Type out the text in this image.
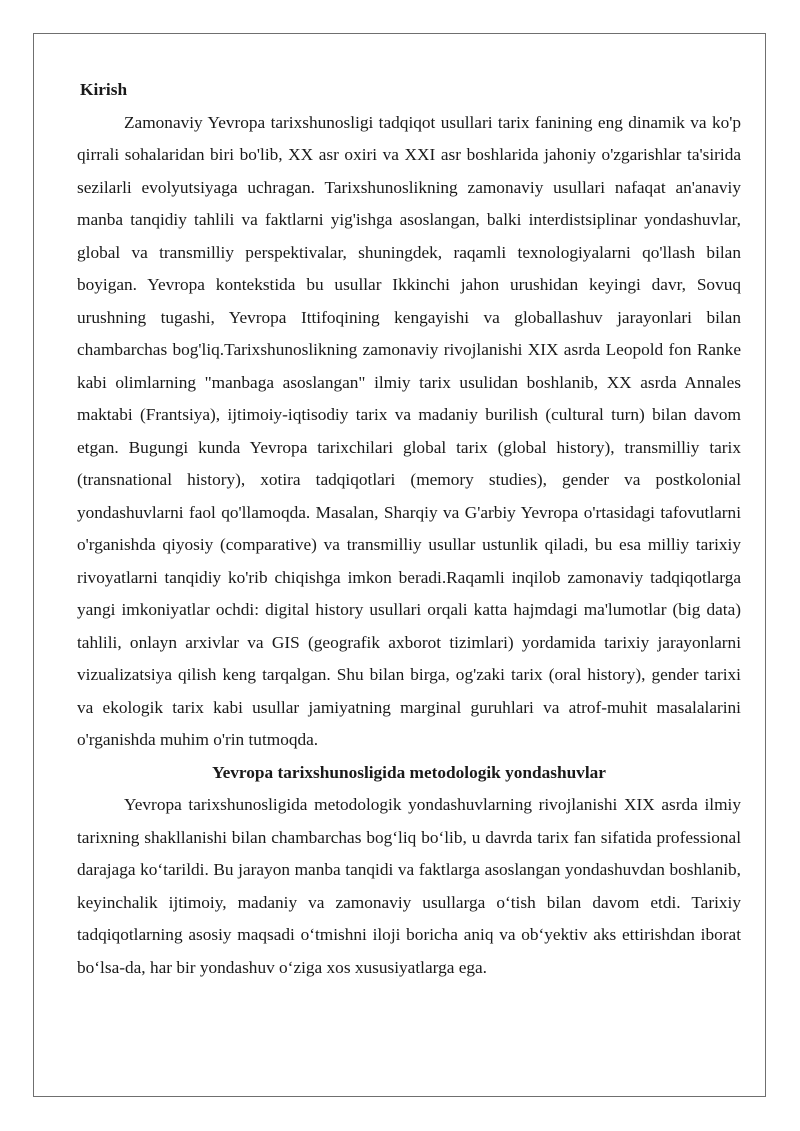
Kirish

Zamonaviy Yevropa tarixshunosligi tadqiqot usullari tarix fanining eng dinamik va ko'p qirrali sohalaridan biri bo'lib, XX asr oxiri va XXI asr boshlarida jahoniy o'zgarishlar ta'sirida sezilarli evolyutsiyaga uchragan. Tarixshunoslikning zamonaviy usullari nafaqat an'anaviy manba tanqidiy tahlili va faktlarni yig'ishga asoslangan, balki interdistsiplinar yondashuvlar, global va transmilliy perspektivalar, shuningdek, raqamli texnologiyalarni qo'llash bilan boyigan. Yevropa kontekstida bu usullar Ikkinchi jahon urushidan keyingi davr, Sovuq urushning tugashi, Yevropa Ittifoqining kengayishi va globallashuv jarayonlari bilan chambarchas bog'liq.Tarixshunoslikning zamonaviy rivojlanishi XIX asrda Leopold fon Ranke kabi olimlarning "manbaga asoslangan" ilmiy tarix usulidan boshlanib, XX asrda Annales maktabi (Frantsiya), ijtimoiy-iqtisodiy tarix va madaniy burilish (cultural turn) bilan davom etgan. Bugungi kunda Yevropa tarixchilari global tarix (global history), transmilliy tarix (transnational history), xotira tadqiqotlari (memory studies), gender va postkolonial yondashuvlarni faol qo'llamoqda. Masalan, Sharqiy va G'arbiy Yevropa o'rtasidagi tafovutlarni o'rganishda qiyosiy (comparative) va transmilliy usullar ustunlik qiladi, bu esa milliy tarixiy rivoyatlarni tanqidiy ko'rib chiqishga imkon beradi.Raqamli inqilob zamonaviy tadqiqotlarga yangi imkoniyatlar ochdi: digital history usullari orqali katta hajmdagi ma'lumotlar (big data) tahlili, onlayn arxivlar va GIS (geografik axborot tizimlari) yordamida tarixiy jarayonlarni vizualizatsiya qilish keng tarqalgan. Shu bilan birga, og'zaki tarix (oral history), gender tarixi va ekologik tarix kabi usullar jamiyatning marginal guruhlari va atrof-muhit masalalarini o'rganishda muhim o'rin tutmoqda.

Yevropa tarixshunosligida metodologik yondashuvlar

Yevropa tarixshunosligida metodologik yondashuvlarning rivojlanishi XIX asrda ilmiy tarixning shakllanishi bilan chambarchas bog‘liq bo‘lib, u davrda tarix fan sifatida professional darajaga ko‘tarildi. Bu jarayon manba tanqidi va faktlarga asoslangan yondashuvdan boshlanib, keyinchalik ijtimoiy, madaniy va zamonaviy usullarga o‘tish bilan davom etdi. Tarixiy tadqiqotlarning asosiy maqsadi o‘tmishni iloji boricha aniq va ob‘yektiv aks ettirishdan iborat bo‘lsa-da, har bir yondashuv o‘ziga xos xususiyatlarga ega.
